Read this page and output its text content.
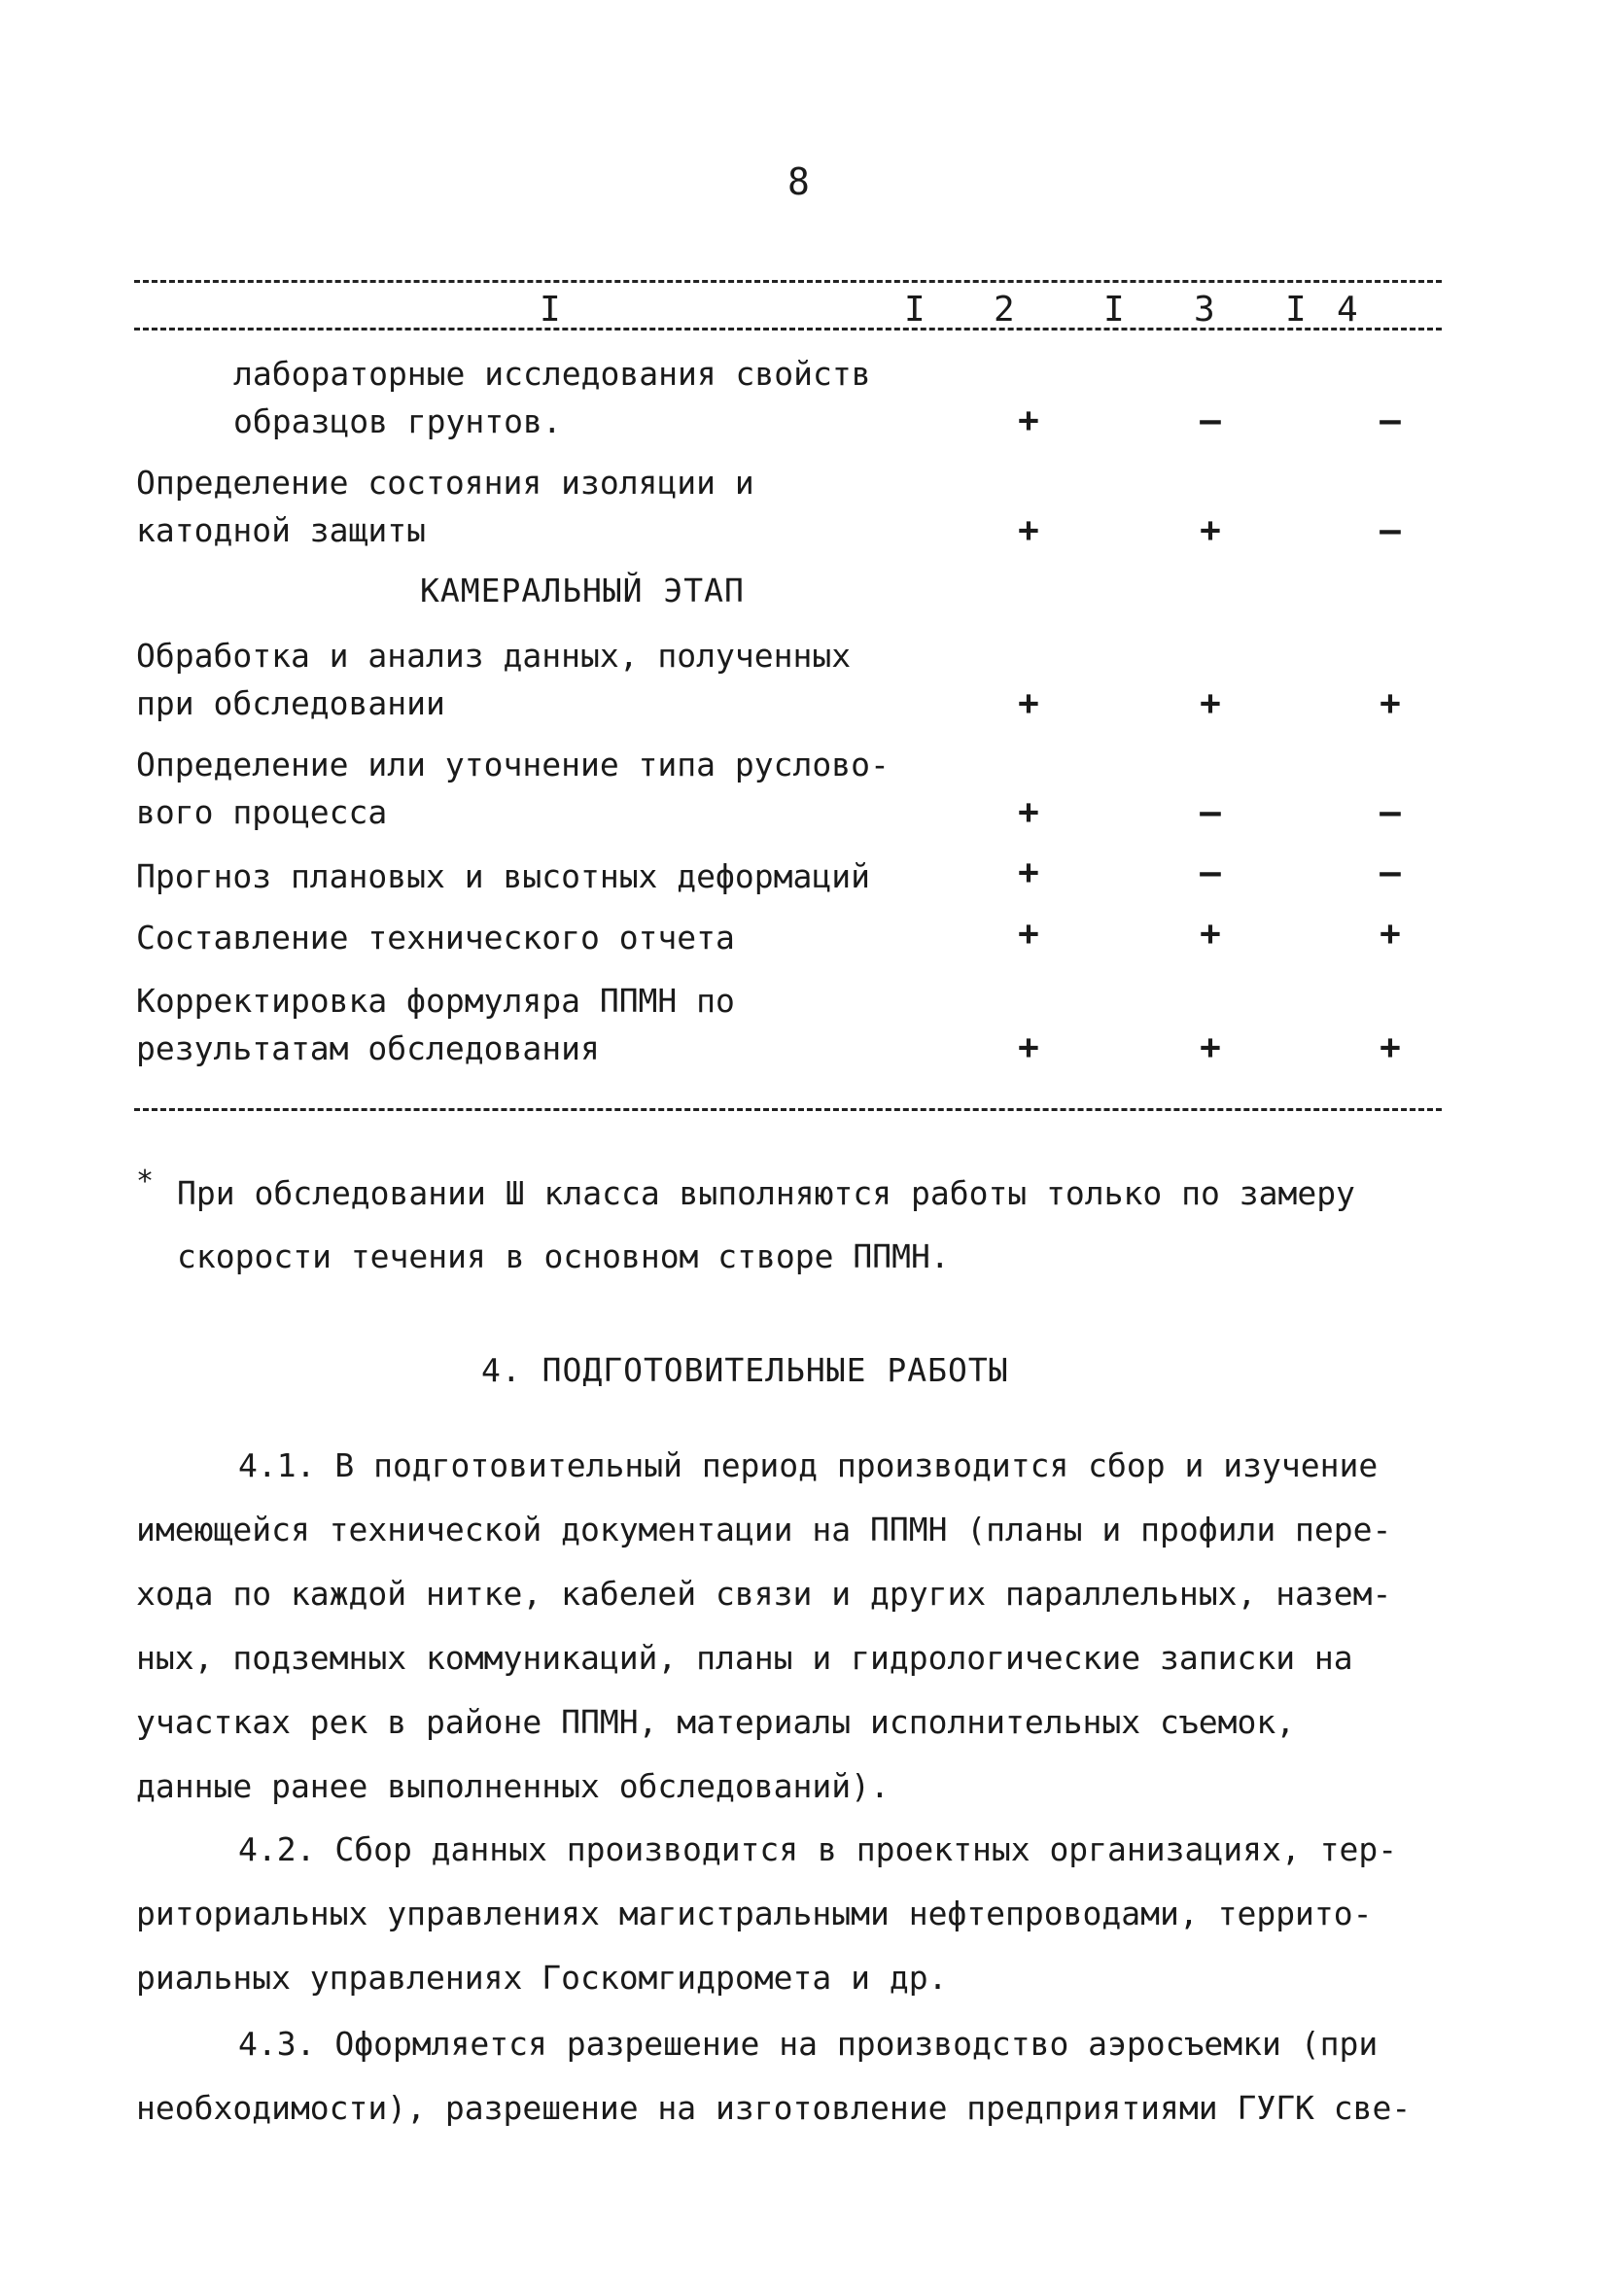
8
I	I 2	I 3 I 4
лабораторные исследования свойств
образцов грунтов.	+	–	–
Определение состояния изоляции и
катодной защиты	+	+	–
КАМЕРАЛЬНЫЙ ЭТАП
Обработка и анализ данных, полученных
при обследовании	+	+	+
Определение или уточнение типа руслово-
вого процесса	+	–	–
Прогноз плановых и высотных деформаций	+	–	–
Составление технического отчета	+	+	+
Корректировка формуляра ППМН по
результатам обследования	+	+	+
* При обследовании Ш класса выполняются работы только по замеру
скорости течения в основном створе ППМН.
4. ПОДГОТОВИТЕЛЬНЫЕ РАБОТЫ
4.1. В подготовительный период производится сбор и изучение
имеющейся технической документации на ППМН (планы и профили пере-
хода по каждой нитке, кабелей связи и других параллельных, назем-
ных, подземных коммуникаций, планы и гидрологические записки на
участках рек в районе ППМН, материалы исполнительных съемок,
данные ранее выполненных обследований).
4.2. Сбор данных производится в проектных организациях, тер-
риториальных управлениях магистральными нефтепроводами, террито-
риальных управлениях Госкомгидромета и др.
4.3. Оформляется разрешение на производство аэросъемки (при
необходимости), разрешение на изготовление предприятиями ГУГК све-
